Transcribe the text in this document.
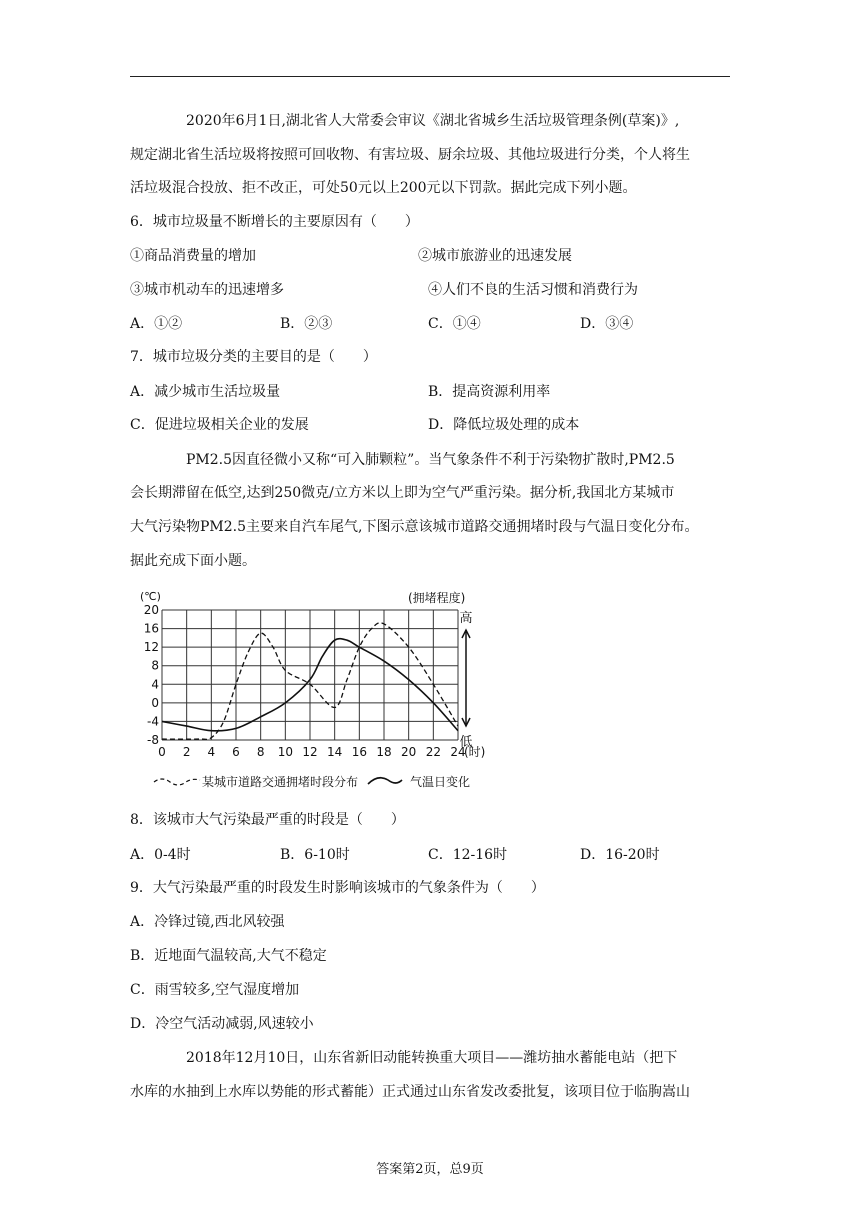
2020年6月1日,湖北省人大常委会审议《湖北省城乡生活垃圾管理条例(草案)》,
规定湖北省生活垃圾将按照可回收物、有害垃圾、厨余垃圾、其他垃圾进行分类，个人将生
活垃圾混合投放、拒不改正，可处50元以上200元以下罚款。据此完成下列小题。
6．城市垃圾量不断增长的主要原因有（　　）
①商品消费量的增加	②城市旅游业的迅速发展
③城市机动车的迅速增多	④人们不良的生活习惯和消费行为
A．①②	B．②③	C．①④	D．③④
7．城市垃圾分类的主要目的是（　　）
A．减少城市生活垃圾量	B．提高资源利用率
C．促进垃圾相关企业的发展	D．降低垃圾处理的成本
PM2.5因直径微小又称“可入肺颗粒”。当气象条件不利于污染物扩散时,PM2.5
会长期滞留在低空,达到250微克/立方米以上即为空气严重污染。据分析,我国北方某城市
大气污染物PM2.5主要来自汽车尾气,下图示意该城市道路交通拥堵时段与气温日变化分布。
据此充成下面小题。
20
16
12
8
4
0
-4
-8
0 2 4 6 8 10 12 14 16 18 20 22 24
(时)
(℃)	(拥堵程度)
高
低
某城市道路交通拥堵时段分布	气温日变化
8．该城市大气污染最严重的时段是（　　）
A．0-4时	B．6-10时	C．12-16时	D．16-20时
9．大气污染最严重的时段发生时影响该城市的气象条件为（　　）
A．冷锋过镜,西北风较强
B．近地面气温较高,大气不稳定
C．雨雪较多,空气湿度增加
D．冷空气活动减弱,风速较小
2018年12月10日，山东省新旧动能转换重大项目——潍坊抽水蓄能电站（把下
水库的水抽到上水库以势能的形式蓄能）正式通过山东省发改委批复，该项目位于临朐嵩山
答案第2页，总9页
